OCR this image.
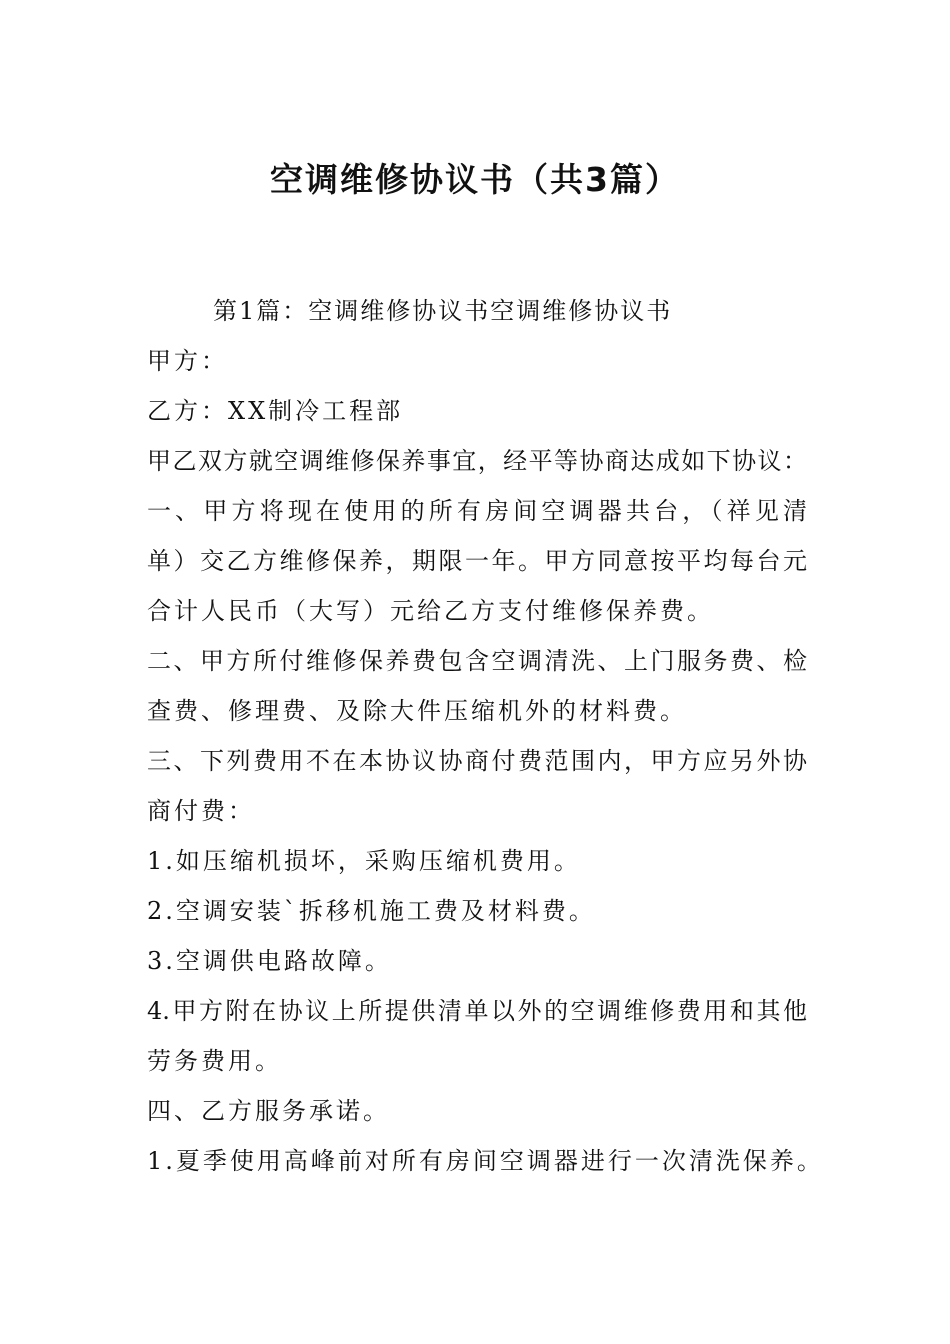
空调维修协议书（共3篇）
第1篇：空调维修协议书空调维修协议书
甲方：
乙方：XX制冷工程部
甲乙双方就空调维修保养事宜，经平等协商达成如下协议：
一、甲方将现在使用的所有房间空调器共台，（祥见清
单）交乙方维修保养，期限一年。甲方同意按平均每台元
合计人民币（大写）元给乙方支付维修保养费。
二、甲方所付维修保养费包含空调清洗、上门服务费、检
查费、修理费、及除大件压缩机外的材料费。
三、下列费用不在本协议协商付费范围内，甲方应另外协
商付费：
1.如压缩机损坏，采购压缩机费用。
2.空调安装`拆移机施工费及材料费。
3.空调供电路故障。
4.甲方附在协议上所提供清单以外的空调维修费用和其他
劳务费用。
四、乙方服务承诺。
1.夏季使用高峰前对所有房间空调器进行一次清洗保养。
